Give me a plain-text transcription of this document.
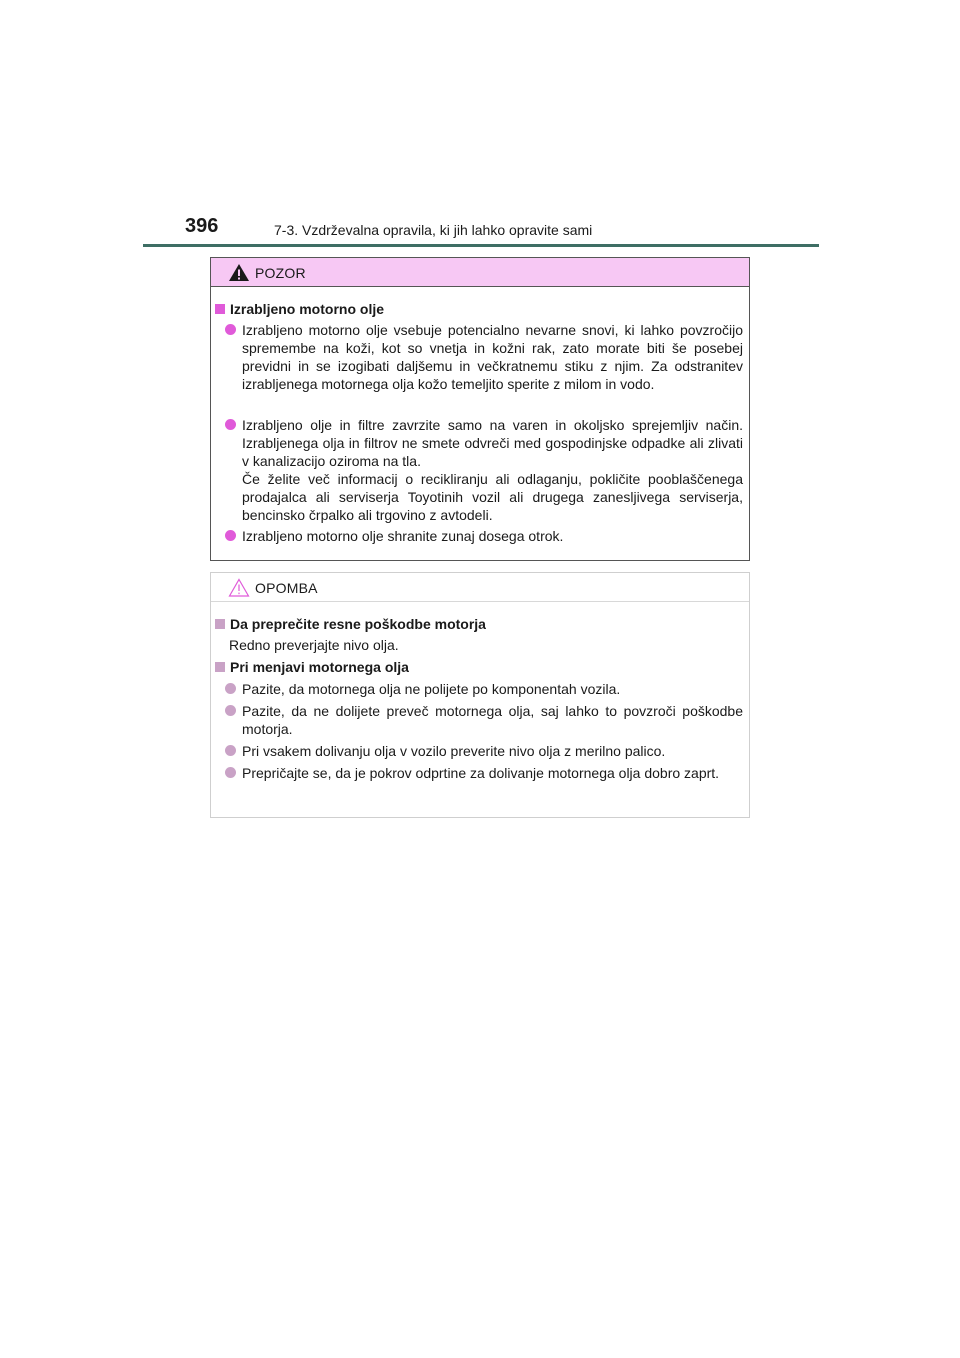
396	7-3. Vzdrževalna opravila, ki jih lahko opravite sami
POZOR
Izrabljeno motorno olje
Izrabljeno motorno olje vsebuje potencialno nevarne snovi, ki lahko povzročijo spremembe na koži, kot so vnetja in kožni rak, zato morate biti še posebej previdni in se izogibati daljšemu in večkratnemu stiku z njim. Za odstranitev izrabljenega motornega olja kožo temeljito sperite z milom in vodo.
Izrabljeno olje in filtre zavrzite samo na varen in okoljsko sprejemljiv način. Izrabljenega olja in filtrov ne smete odvreči med gospodinjske odpadke ali zlivati v kanalizacijo oziroma na tla.
Če želite več informacij o recikliranju ali odlaganju, pokličite pooblaščenega prodajalca ali serviserja Toyotinih vozil ali drugega zanesljivega serviserja, bencinsko črpalko ali trgovino z avtodeli.
Izrabljeno motorno olje shranite zunaj dosega otrok.
OPOMBA
Da preprečite resne poškodbe motorja
Redno preverjajte nivo olja.
Pri menjavi motornega olja
Pazite, da motornega olja ne polijete po komponentah vozila.
Pazite, da ne dolijete preveč motornega olja, saj lahko to povzroči poškodbe motorja.
Pri vsakem dolivanju olja v vozilo preverite nivo olja z merilno palico.
Prepričajte se, da je pokrov odprtine za dolivanje motornega olja dobro zaprt.
